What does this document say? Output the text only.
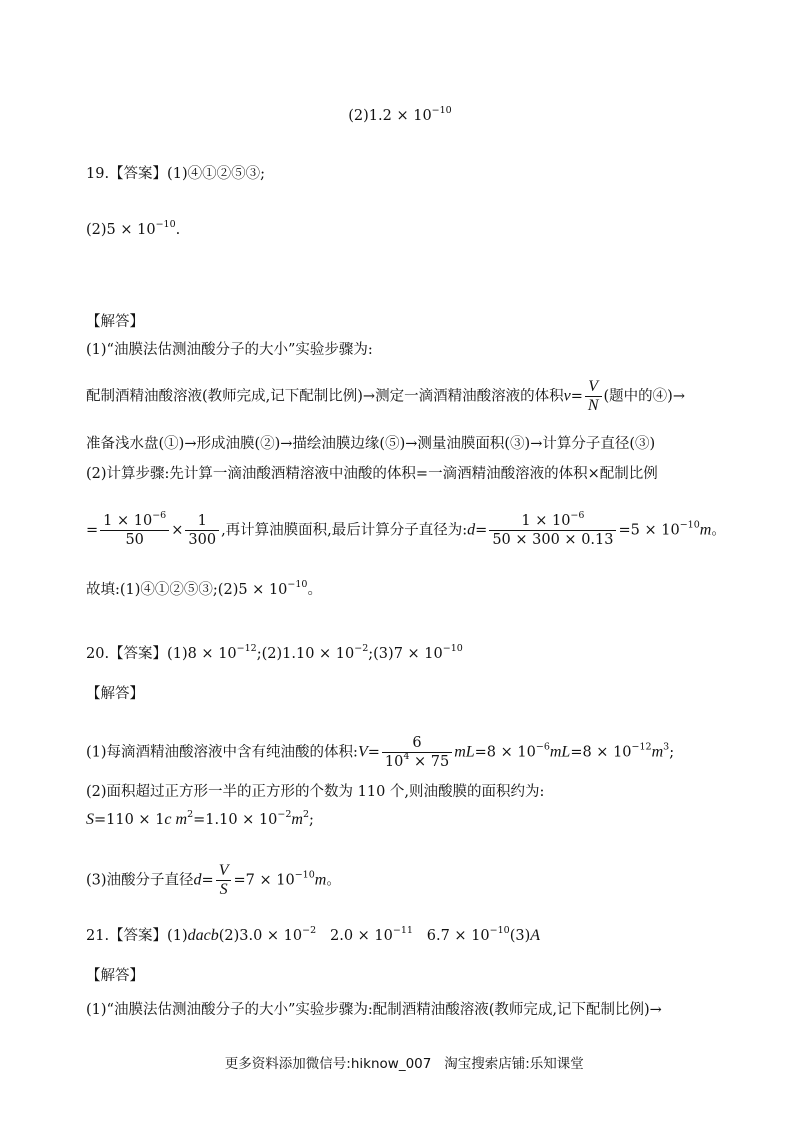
$(2)1.2 \times 10^{-10}$
19.【答案】(1)④①②⑤③;
$(2)5 \times 10^{-10}$.
【解答】
(1)“油膜法估测油酸分子的大小”实验步骤为:
配制酒精油酸溶液(教师完成,记下配制比例)→测定一滴酒精油酸溶液的体积$v= \frac{V}{N}$ (题中的④)→
准备浅水盘(①)→形成油膜(②)→描绘油膜边缘(⑤)→测量油膜面积(③)→计算分子直径(③)
(2)计算步骤:先计算一滴油酸酒精溶液中油酸的体积=一滴酒精油酸溶液的体积×配制比例
= $\frac{1 \times 10^{-6}}{50} \times \frac{1}{300}$ ,再计算油膜面积,最后计算分子直径为:d= $\frac{1 \times 10^{-6}}{50 \times 300 \times 0.13} =5 \times 10^{-10}m$。
故填:(1)④①②⑤③;(2)5 × $10^{-10}$。
20.【答案】$(1)8 \times 10^{-12};(2)1.10$ × $10^{-2};(3)7 \times 10^{-10}$
【解答】
(1)每滴酒精油酸溶液中含有纯油酸的体积:V= $\frac{6}{10^4 \times 75} mL=8 \times 10^{-6}mL=8 \times 10^{-12}m^3$;
(2)面积超过正方形一半的正方形的个数为 110 个,则油酸膜的面积约为:
S=110 × 1c $m^2=1.10 \times 10^{-2}m^2$;
(3)油酸分子直径$d= \frac{V}{S} =7 \times 10^{-10}m$。
21.【答案】(1)dacb(2)3.0 × $10^{-2}$   $2.0 \times 10^{-11}$   $6.7 \times 10^{-10}(3)A$
【解答】
(1)“油膜法估测油酸分子的大小”实验步骤为:配制酒精油酸溶液(教师完成,记下配制比例)→

更多资料添加微信号:hiknow_007   淘宝搜索店铺:乐知课堂
